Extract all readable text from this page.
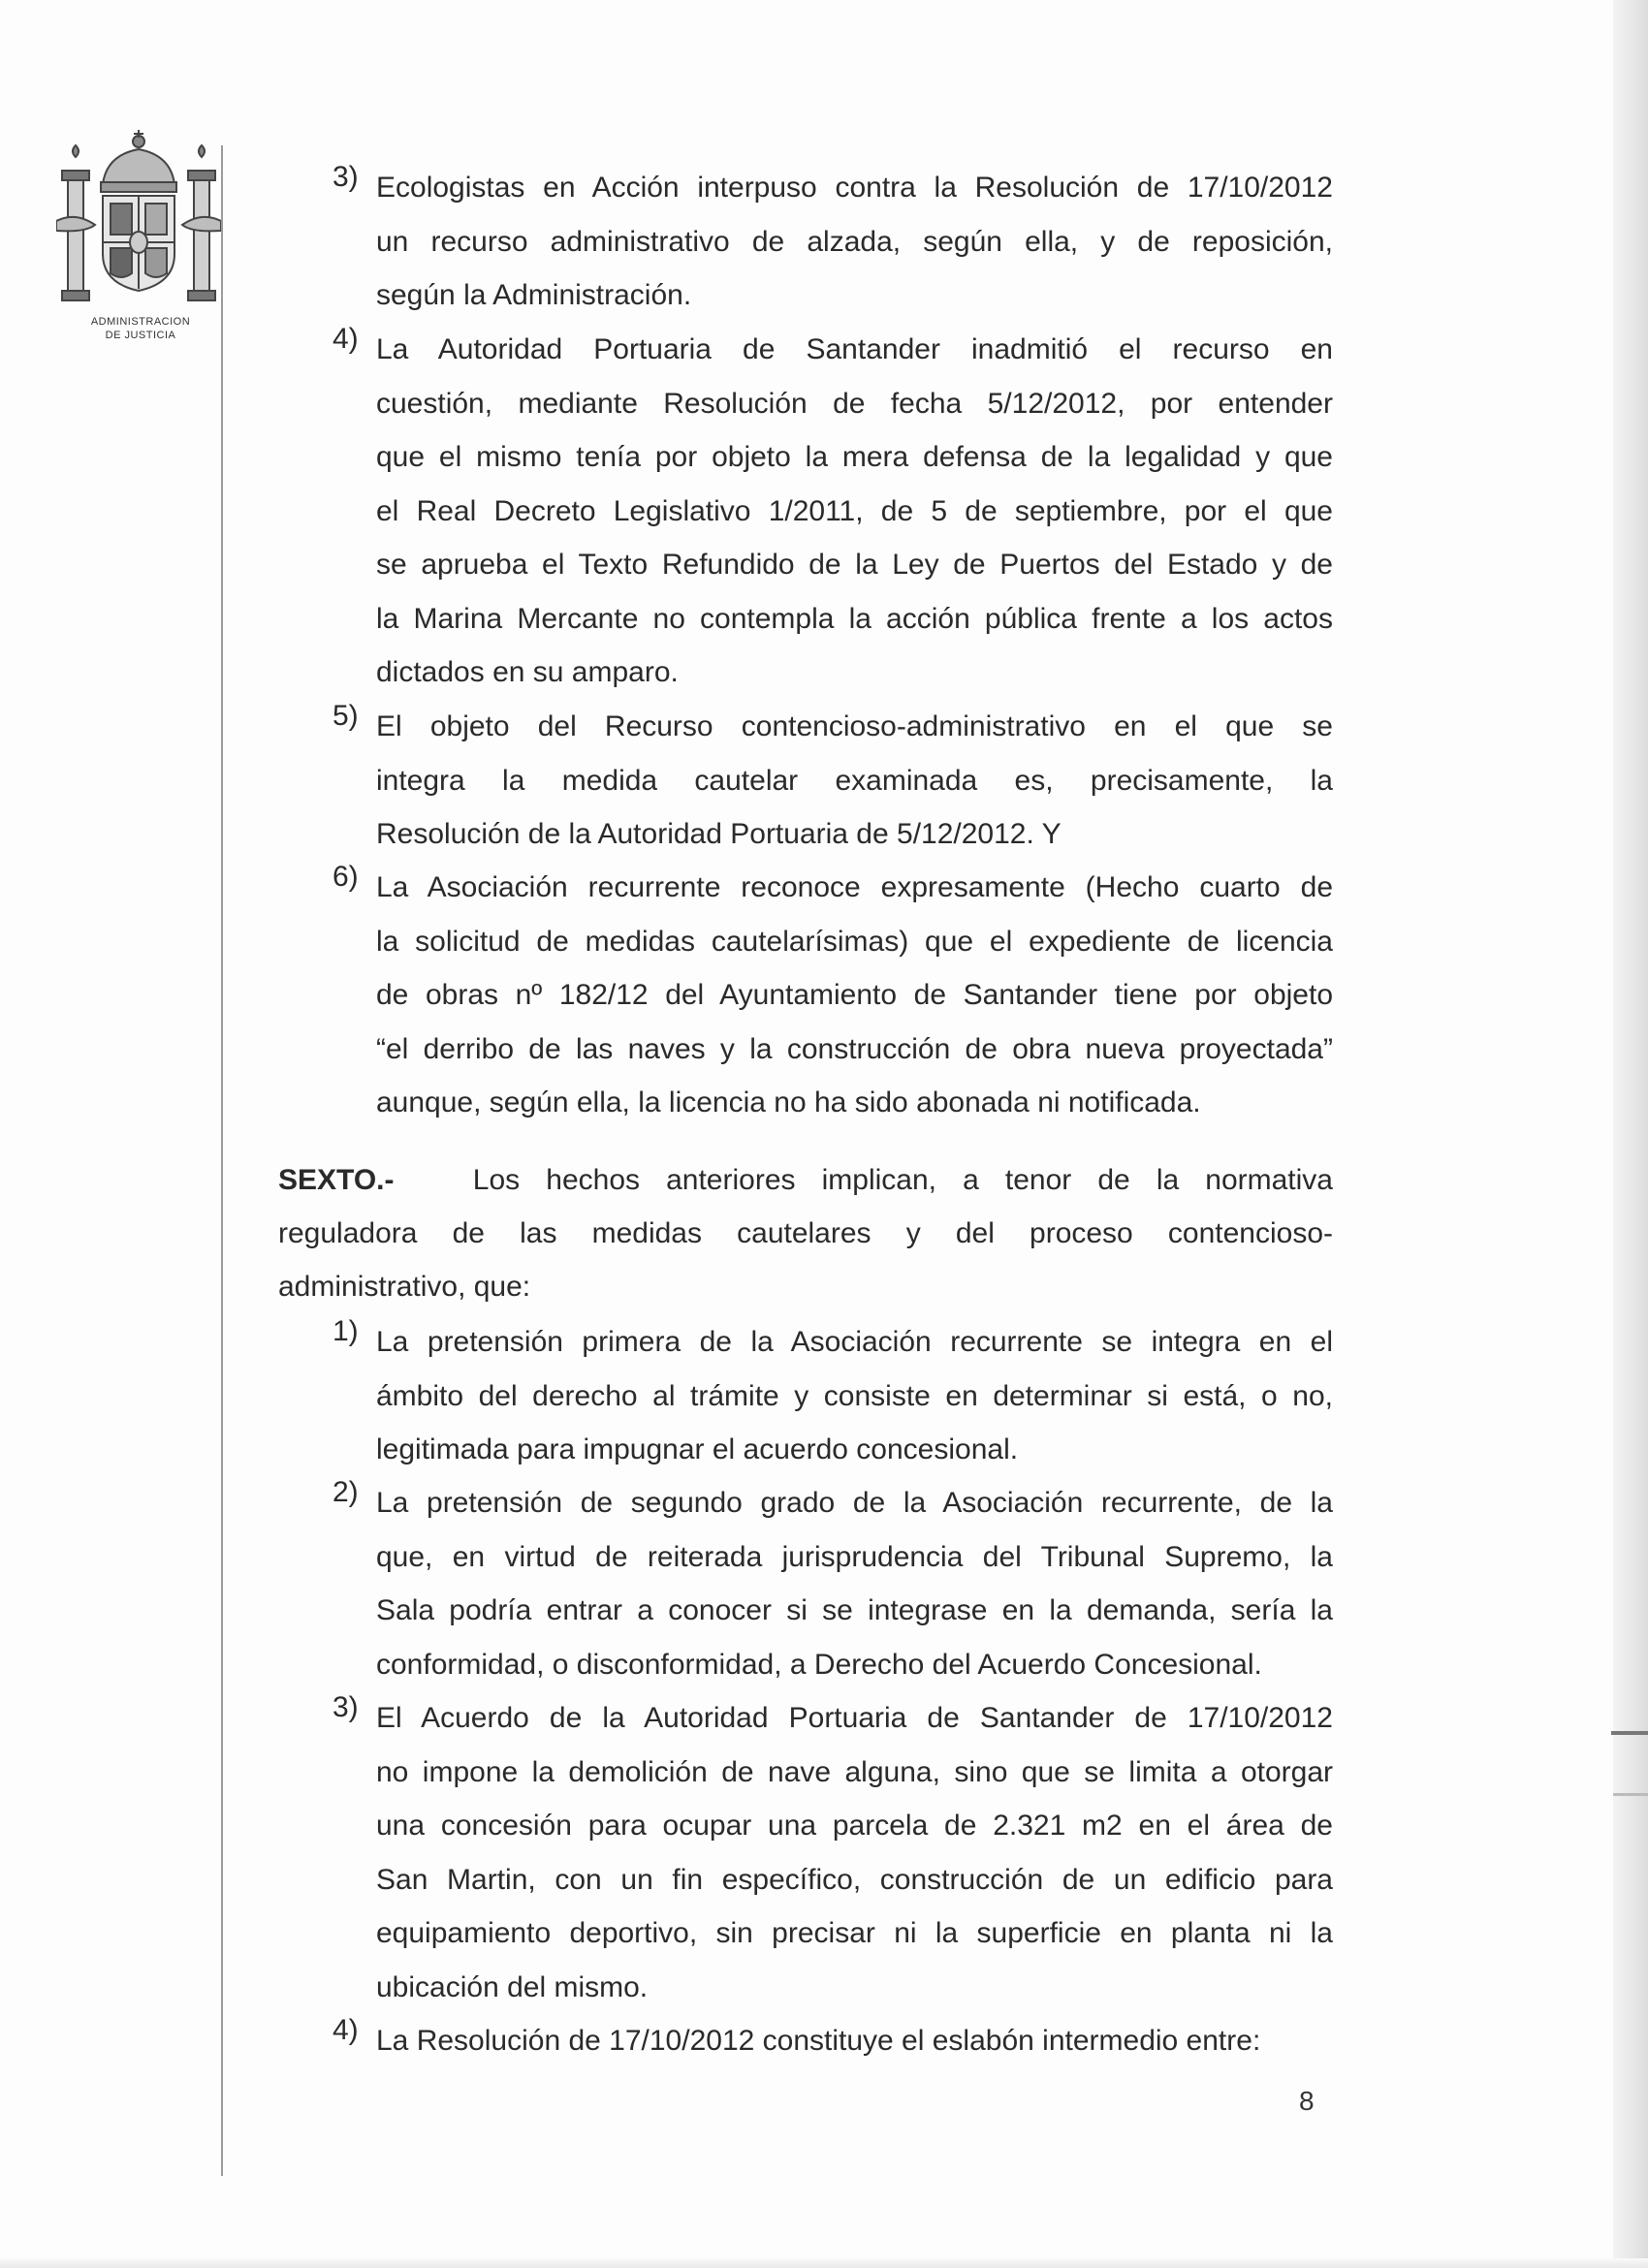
ADMINISTRACION
DE JUSTICIA
3) Ecologistas en Acción interpuso contra la Resolución de 17/10/2012
un recurso administrativo de alzada, según ella, y de reposición,
según la Administración.
4) La Autoridad Portuaria de Santander inadmitió el recurso en
cuestión, mediante Resolución de fecha 5/12/2012, por entender
que el mismo tenía por objeto la mera defensa de la legalidad y que
el Real Decreto Legislativo 1/2011, de 5 de septiembre, por el que
se aprueba el Texto Refundido de la Ley de Puertos del Estado y de
la Marina Mercante no contempla la acción pública frente a los actos
dictados en su amparo.
5) El objeto del Recurso contencioso-administrativo en el que se
integra la medida cautelar examinada es, precisamente, la
Resolución de la Autoridad Portuaria de 5/12/2012. Y
6) La Asociación recurrente reconoce expresamente (Hecho cuarto de
la solicitud de medidas cautelarísimas) que el expediente de licencia
de obras nº 182/12 del Ayuntamiento de Santander tiene por objeto
“el derribo de las naves y la construcción de obra nueva proyectada”
aunque, según ella, la licencia no ha sido abonada ni notificada.
SEXTO.-	Los hechos anteriores implican, a tenor de la normativa
reguladora de las medidas cautelares y del proceso contencioso-
administrativo, que:
1) La pretensión primera de la Asociación recurrente se integra en el
ámbito del derecho al trámite y consiste en determinar si está, o no,
legitimada para impugnar el acuerdo concesional.
2) La pretensión de segundo grado de la Asociación recurrente, de la
que, en virtud de reiterada jurisprudencia del Tribunal Supremo, la
Sala podría entrar a conocer si se integrase en la demanda, sería la
conformidad, o disconformidad, a Derecho del Acuerdo Concesional.
3) El Acuerdo de la Autoridad Portuaria de Santander de 17/10/2012
no impone la demolición de nave alguna, sino que se limita a otorgar
una concesión para ocupar una parcela de 2.321 m2 en el área de
San Martin, con un fin específico, construcción de un edificio para
equipamiento deportivo, sin precisar ni la superficie en planta ni la
ubicación del mismo.
4) La Resolución de 17/10/2012 constituye el eslabón intermedio entre:
8
